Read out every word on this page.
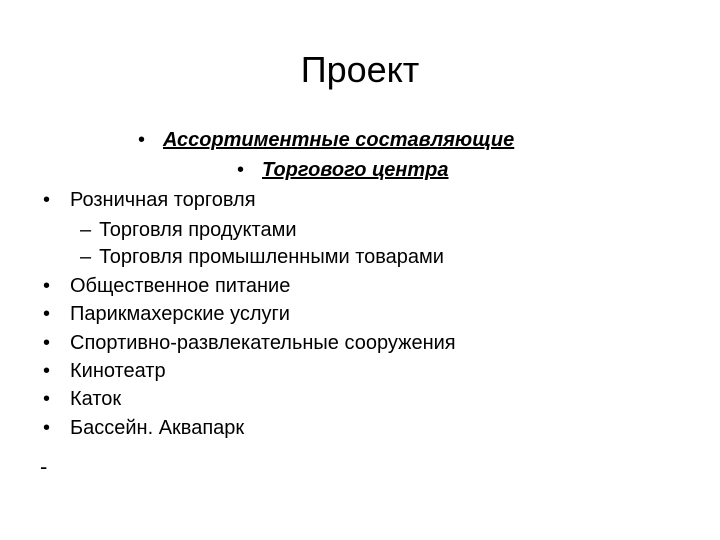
Проект
• Ассортиментные составляющие
• Торгового центра
• Розничная торговля
– Торговля продуктами
– Торговля промышленными товарами
• Общественное питание
• Парикмахерские услуги
• Спортивно-развлекательные сооружения
• Кинотеатр
• Каток
• Бассейн. Аквапарк
-
